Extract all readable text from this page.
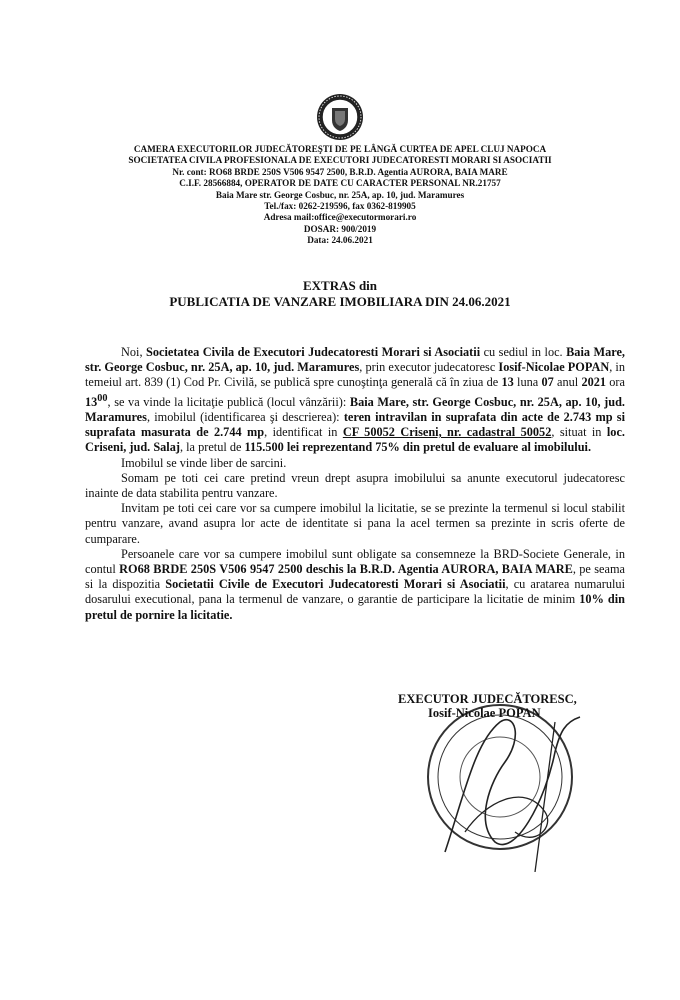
CAMERA EXECUTORILOR JUDECĂTOREŞTI DE PE LÂNGĂ CURTEA DE APEL CLUJ NAPOCA
SOCIETATEA CIVILA PROFESIONALA DE EXECUTORI JUDECATORESTI MORARI SI ASOCIATII
Nr. cont: RO68 BRDE 250S V506 9547 2500, B.R.D. Agentia AURORA, BAIA MARE
C.I.F. 28566884, OPERATOR DE DATE CU CARACTER PERSONAL NR.21757
Baia Mare str. George Cosbuc, nr. 25A, ap. 10, jud. Maramures
Tel./fax: 0262-219596, fax 0362-819905
Adresa mail:office@executormorari.ro
DOSAR: 900/2019
Data: 24.06.2021
EXTRAS din
PUBLICATIA DE VANZARE IMOBILIARA DIN 24.06.2021

Noi, Societatea Civila de Executori Judecatoresti Morari si Asociatii cu sediul in loc. Baia Mare, str. George Cosbuc, nr. 25A, ap. 10, jud. Maramures, prin executor judecatoresc Iosif-Nicolae POPAN, in temeiul art. 839 (1) Cod Pr. Civilă, se publică spre cunoştinţa generală că în ziua de 13 luna 07 anul 2021 ora $13^{00}$, se va vinde la licitaţie publică (locul vânzării): Baia Mare, str. George Cosbuc, nr. 25A, ap. 10, jud. Maramures, imobilul (identificarea şi descrierea): teren intravilan in suprafata din acte de 2.743 mp si suprafata masurata de 2.744 mp, identificat in CF 50052 Criseni, nr. cadastral 50052, situat in loc. Criseni, jud. Salaj, la pretul de 115.500 lei reprezentand 75% din pretul de evaluare al imobilului.

Imobilul se vinde liber de sarcini.

Somam pe toti cei care pretind vreun drept asupra imobilului sa anunte executorul judecatoresc inainte de data stabilita pentru vanzare.

Invitam pe toti cei care vor sa cumpere imobilul la licitatie, se se prezinte la termenul si locul stabilit pentru vanzare, avand asupra lor acte de identitate si pana la acel termen sa prezinte in scris oferte de cumparare.

Persoanele care vor sa cumpere imobilul sunt obligate sa consemneze la BRD-Societe Generale, in contul RO68 BRDE 250S V506 9547 2500 deschis la B.R.D. Agentia AURORA, BAIA MARE, pe seama si la dispozitia Societatii Civile de Executori Judecatoresti Morari si Asociatii, cu aratarea numarului dosarului executional, pana la termenul de vanzare, o garantie de participare la licitatie de minim 10% din pretul de pornire la licitatie.

EXECUTOR JUDECĂTORESC,
Iosif-Nicolae POPAN
